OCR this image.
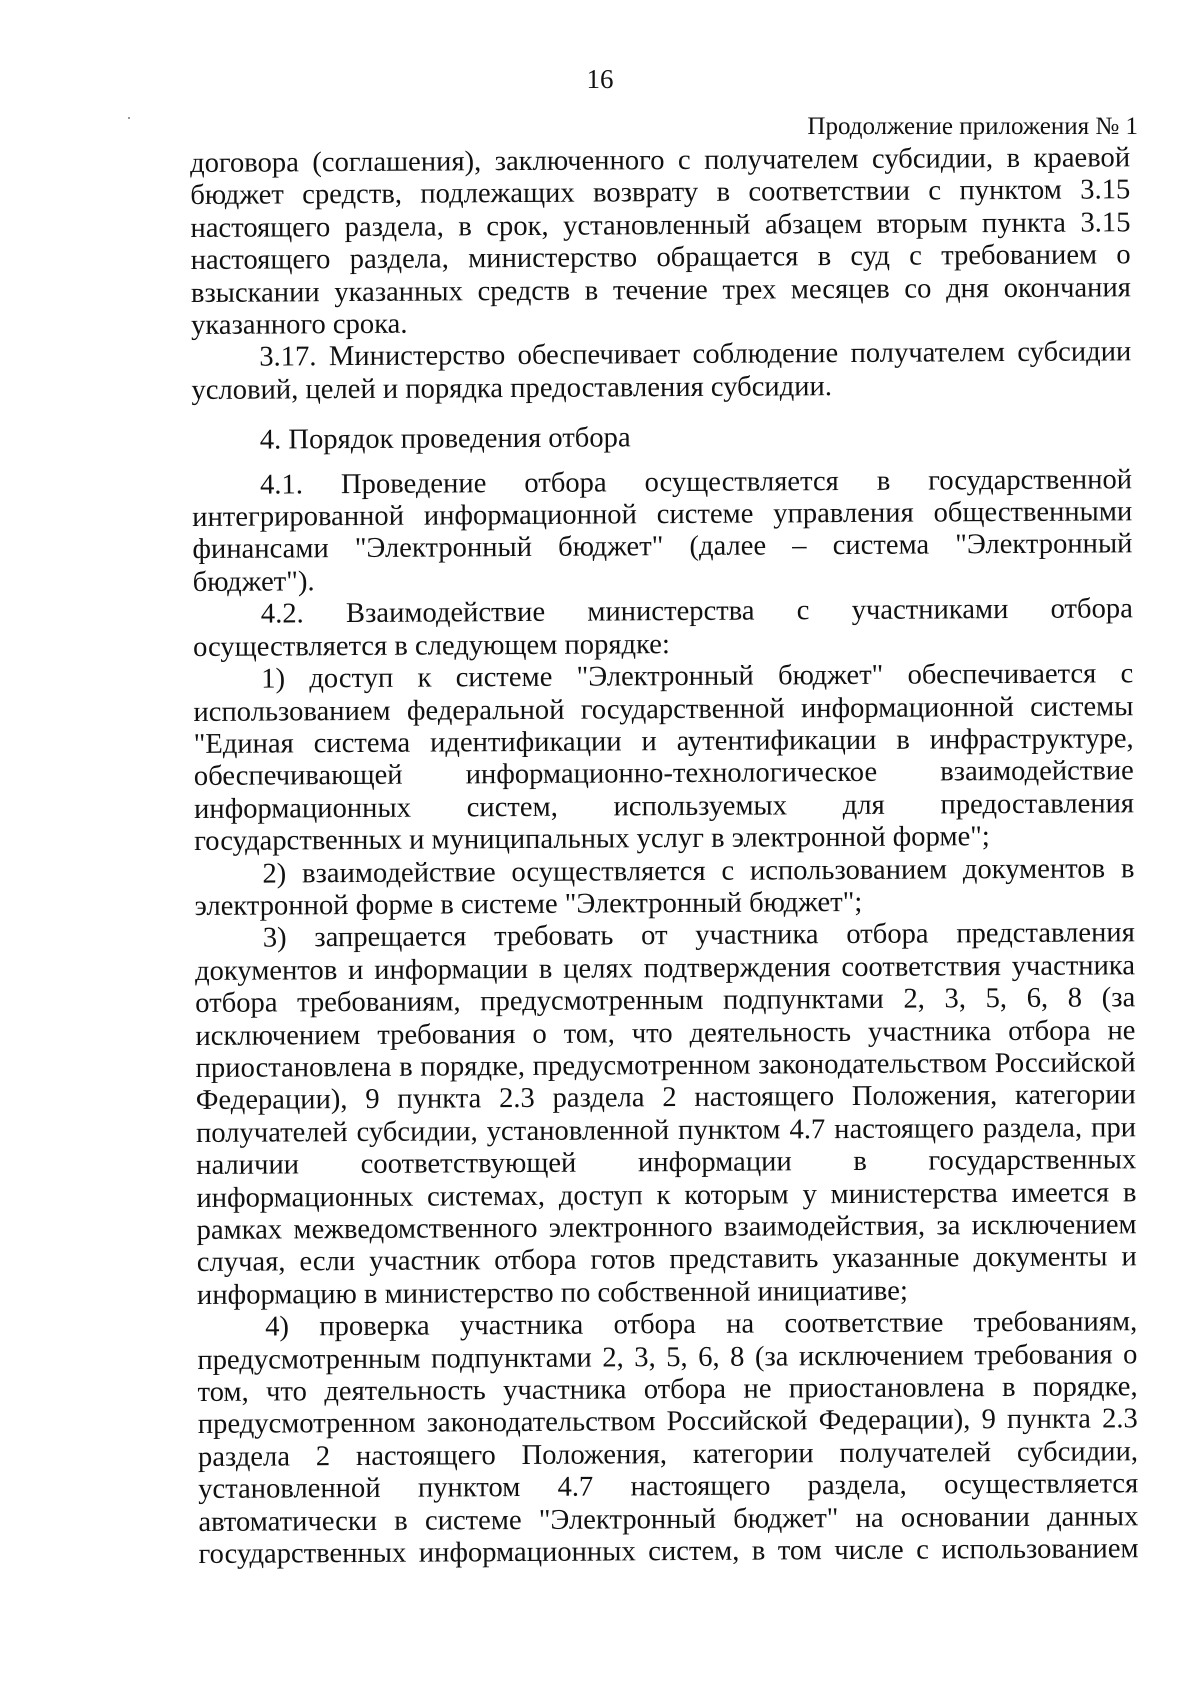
16
Продолжение приложения № 1

договора (соглашения), заключенного с получателем субсидии, в краевой бюджет средств, подлежащих возврату в соответствии с пунктом 3.15 настоящего раздела, в срок, установленный абзацем вторым пункта 3.15 настоящего раздела, министерство обращается в суд с требованием о взыскании указанных средств в течение трех месяцев со дня окончания указанного срока.

3.17. Министерство обеспечивает соблюдение получателем субсидии условий, целей и порядка предоставления субсидии.

4. Порядок проведения отбора

4.1. Проведение отбора осуществляется в государственной интегрированной информационной системе управления общественными финансами "Электронный бюджет" (далее – система "Электронный бюджет").

4.2. Взаимодействие министерства с участниками отбора осуществляется в следующем порядке:

1) доступ к системе "Электронный бюджет" обеспечивается с использованием федеральной государственной информационной системы "Единая система идентификации и аутентификации в инфраструктуре, обеспечивающей информационно-технологическое взаимодействие информационных систем, используемых для предоставления государственных и муниципальных услуг в электронной форме";

2) взаимодействие осуществляется с использованием документов в электронной форме в системе "Электронный бюджет";

3) запрещается требовать от участника отбора представления документов и информации в целях подтверждения соответствия участника отбора требованиям, предусмотренным подпунктами 2, 3, 5, 6, 8 (за исключением требования о том, что деятельность участника отбора не приостановлена в порядке, предусмотренном законодательством Российской Федерации), 9 пункта 2.3 раздела 2 настоящего Положения, категории получателей субсидии, установленной пунктом 4.7 настоящего раздела, при наличии соответствующей информации в государственных информационных системах, доступ к которым у министерства имеется в рамках межведомственного электронного взаимодействия, за исключением случая, если участник отбора готов представить указанные документы и информацию в министерство по собственной инициативе;

4) проверка участника отбора на соответствие требованиям, предусмотренным подпунктами 2, 3, 5, 6, 8 (за исключением требования о том, что деятельность участника отбора не приостановлена в порядке, предусмотренном законодательством Российской Федерации), 9 пункта 2.3 раздела 2 настоящего Положения, категории получателей субсидии, установленной пунктом 4.7 настоящего раздела, осуществляется автоматически в системе "Электронный бюджет" на основании данных государственных информационных систем, в том числе с использованием
